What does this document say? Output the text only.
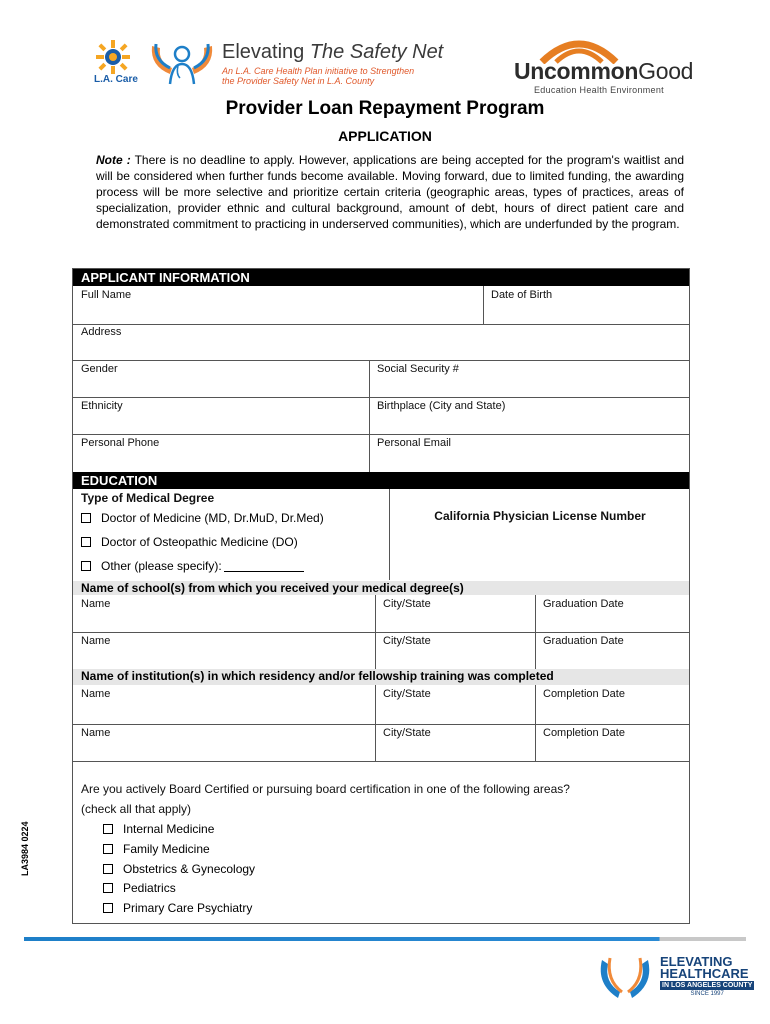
L.A. Care
Elevating The Safety Net
An L.A. Care Health Plan initiative to Strengthen the Provider Safety Net in L.A. County	UncommonGood
Education Health Environment
Provider Loan Repayment Program
APPLICATION
Note : There is no deadline to apply. However, applications are being accepted for the program's waitlist and will be considered when further funds become available. Moving forward, due to limited funding, the awarding process will be more selective and prioritize certain criteria (geographic areas, types of practices, areas of specialization, provider ethnic and cultural background, amount of debt, hours of direct patient care and demonstrated commitment to practicing in underserved communities), which are underfunded by the program.
APPLICANT INFORMATION
Full Name	Date of Birth
Address
Gender	Social Security #
Ethnicity	Birthplace (City and State)
Personal Phone	Personal Email
EDUCATION
Type of Medical Degree
California Physician License Number
Doctor of Medicine (MD, Dr.MuD, Dr.Med)
Doctor of Osteopathic Medicine (DO)
Other (please specify):
Name of school(s) from which you received your medical degree(s)
Name	City/State	Graduation Date
Name	City/State	Graduation Date
Name of institution(s) in which residency and/or fellowship training was completed
Name	City/State	Completion Date
Name	City/State	Completion Date
Are you actively Board Certified or pursuing board certification in one of the following areas?
(check all that apply)
Internal Medicine
Family Medicine
Obstetrics & Gynecology
Pediatrics
Primary Care Psychiatry
LA3984 0224
ELEVATING
HEALTHCARE
IN LOS ANGELES COUNTY
SINCE 1997
